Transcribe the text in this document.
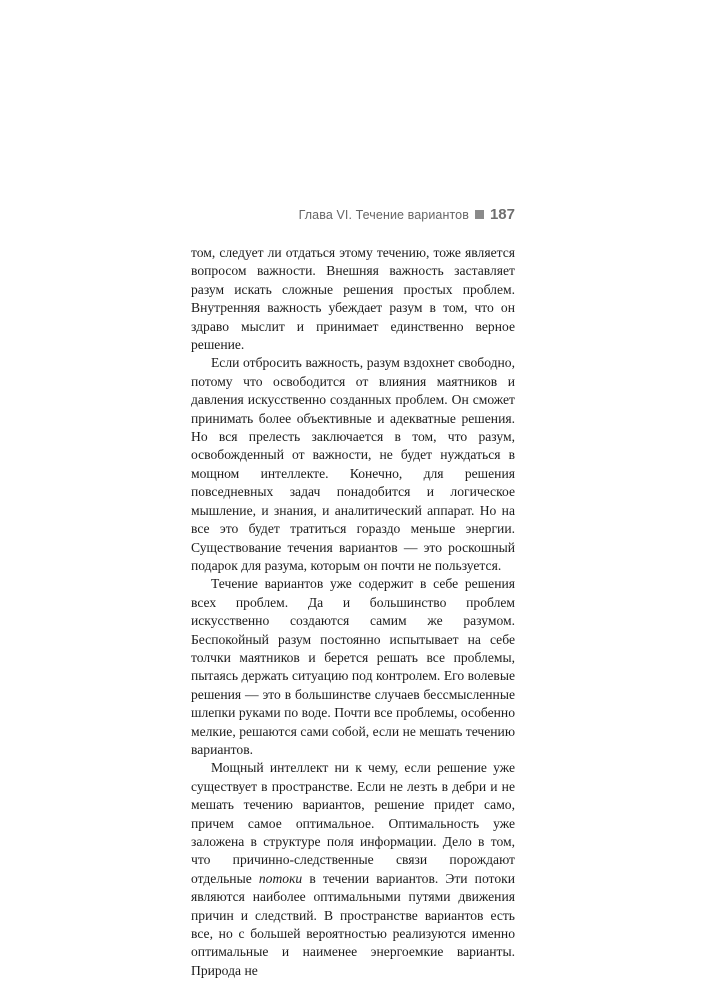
Глава VI. Течение вариантов 187

том, следует ли отдаться этому течению, тоже является вопросом важности. Внешняя важность заставляет разум искать сложные решения простых проблем. Внутренняя важность убеждает разум в том, что он здраво мыслит и принимает единственно верное решение.

Если отбросить важность, разум вздохнет свободно, потому что освободится от влияния маятников и давления искусственно созданных проблем. Он сможет принимать более объективные и адекватные решения. Но вся прелесть заключается в том, что разум, освобожденный от важности, не будет нуждаться в мощном интеллекте. Конечно, для решения повседневных задач понадобится и логическое мышление, и знания, и аналитический аппарат. Но на все это будет тратиться гораздо меньше энергии. Существование течения вариантов — это роскошный подарок для разума, которым он почти не пользуется.

Течение вариантов уже содержит в себе решения всех проблем. Да и большинство проблем искусственно создаются самим же разумом. Беспокойный разум постоянно испытывает на себе толчки маятников и берется решать все проблемы, пытаясь держать ситуацию под контролем. Его волевые решения — это в большинстве случаев бессмысленные шлепки руками по воде. Почти все проблемы, особенно мелкие, решаются сами собой, если не мешать течению вариантов.

Мощный интеллект ни к чему, если решение уже существует в пространстве. Если не лезть в дебри и не мешать течению вариантов, решение придет само, причем самое оптимальное. Оптимальность уже заложена в структуре поля информации. Дело в том, что причинно-следственные связи порождают отдельные потоки в течении вариантов. Эти потоки являются наиболее оптимальными путями движения причин и следствий. В пространстве вариантов есть все, но с большей вероятностью реализуются именно оптимальные и наименее энергоемкие варианты. Природа не
